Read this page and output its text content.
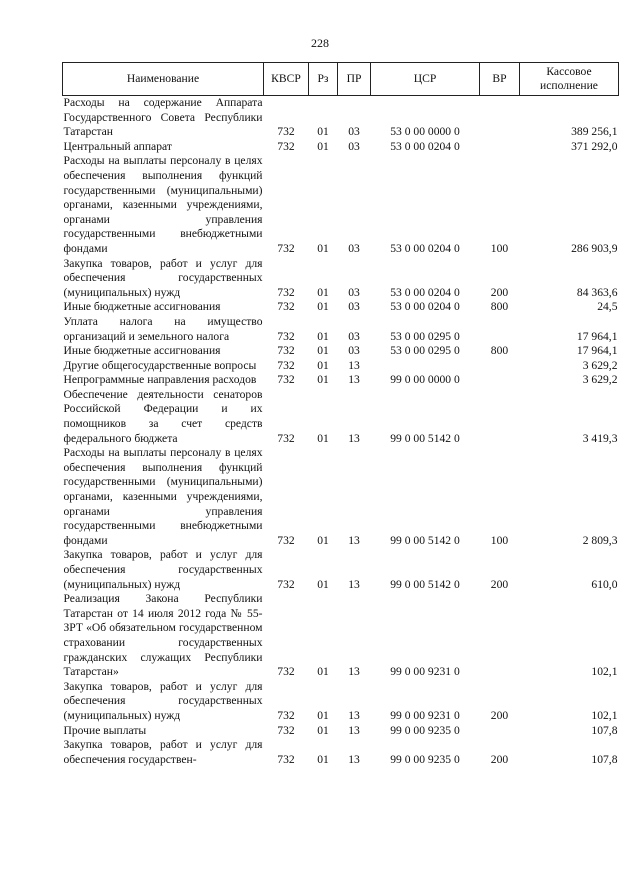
228
Наименование	КВСР	Рз	ПР	ЦСР	ВР	Кассовое исполнение
Расходы на содержание Аппарата Государственного Совета Республики Татарстан	732	01	03	53 0 00 0000 0		389 256,1
Центральный аппарат	732	01	03	53 0 00 0204 0		371 292,0
Расходы на выплаты персоналу в целях обеспечения выполнения функций государственными (муниципальными) органами, казенными учреждениями, органами управления государственными внебюджетными фондами	732	01	03	53 0 00 0204 0	100	286 903,9
Закупка товаров, работ и услуг для обеспечения государственных (муниципальных) нужд	732	01	03	53 0 00 0204 0	200	84 363,6
Иные бюджетные ассигнования	732	01	03	53 0 00 0204 0	800	24,5
Уплата налога на имущество организаций и земельного налога	732	01	03	53 0 00 0295 0		17 964,1
Иные бюджетные ассигнования	732	01	03	53 0 00 0295 0	800	17 964,1
Другие общегосударственные вопросы	732	01	13			3 629,2
Непрограммные направления расходов	732	01	13	99 0 00 0000 0		3 629,2
Обеспечение деятельности сенаторов Российской Федерации и их помощников за счет средств федерального бюджета	732	01	13	99 0 00 5142 0		3 419,3
Расходы на выплаты персоналу в целях обеспечения выполнения функций государственными (муниципальными) органами, казенными учреждениями, органами управления государственными внебюджетными фондами	732	01	13	99 0 00 5142 0	100	2 809,3
Закупка товаров, работ и услуг для обеспечения государственных (муниципальных) нужд	732	01	13	99 0 00 5142 0	200	610,0
Реализация Закона Республики Татарстан от 14 июля 2012 года № 55-ЗРТ «Об обязательном государственном страховании государственных гражданских служащих Республики Татарстан»	732	01	13	99 0 00 9231 0		102,1
Закупка товаров, работ и услуг для обеспечения государственных (муниципальных) нужд	732	01	13	99 0 00 9231 0	200	102,1
Прочие выплаты	732	01	13	99 0 00 9235 0		107,8
Закупка товаров, работ и услуг для обеспечения государствен-	732	01	13	99 0 00 9235 0	200	107,8
